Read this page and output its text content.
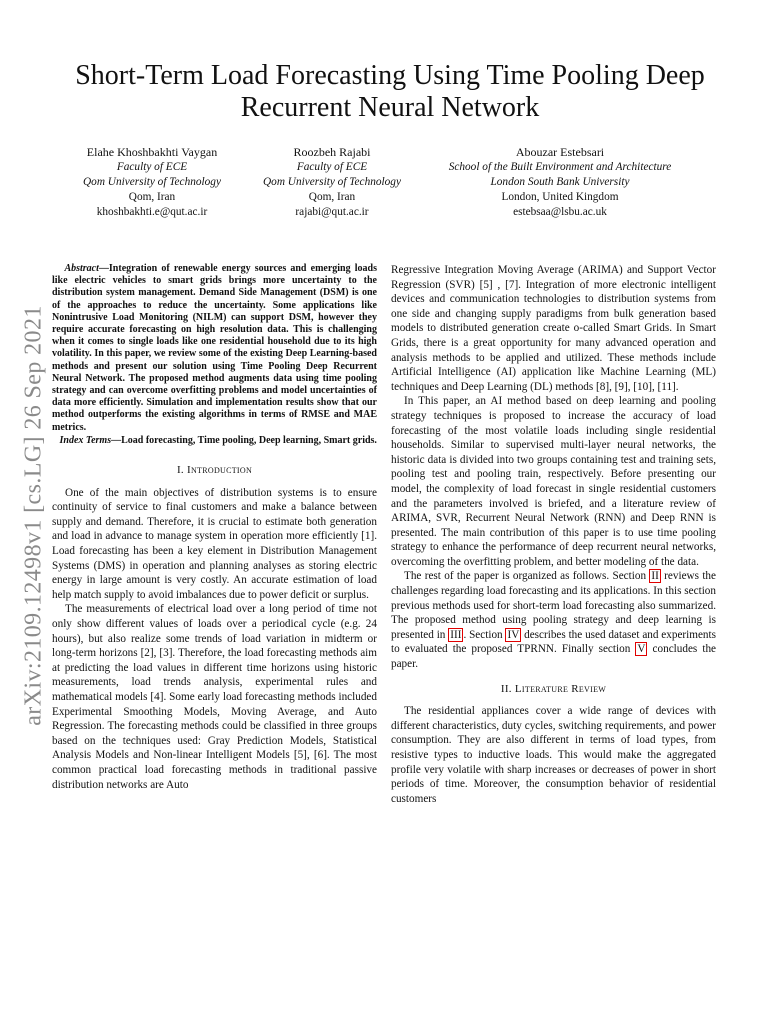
arXiv:2109.12498v1 [cs.LG] 26 Sep 2021
Short-Term Load Forecasting Using Time Pooling Deep Recurrent Neural Network
Elahe Khoshbakhti Vaygan
Faculty of ECE
Qom University of Technology
Qom, Iran
khoshbakhti.e@qut.ac.ir
Roozbeh Rajabi
Faculty of ECE
Qom University of Technology
Qom, Iran
rajabi@qut.ac.ir
Abouzar Estebsari
School of the Built Environment and Architecture
London South Bank University
London, United Kingdom
estebsaa@lsbu.ac.uk
Abstract—Integration of renewable energy sources and emerging loads like electric vehicles to smart grids brings more uncertainty to the distribution system management. Demand Side Management (DSM) is one of the approaches to reduce the uncertainty. Some applications like Nonintrusive Load Monitoring (NILM) can support DSM, however they require accurate forecasting on high resolution data. This is challenging when it comes to single loads like one residential household due to its high volatility. In this paper, we review some of the existing Deep Learning-based methods and present our solution using Time Pooling Deep Recurrent Neural Network. The proposed method augments data using time pooling strategy and can overcome overfitting problems and model uncertainties of data more efficiently. Simulation and implementation results show that our method outperforms the existing algorithms in terms of RMSE and MAE metrics.
Index Terms—Load forecasting, Time pooling, Deep learning, Smart grids.
I. Introduction

One of the main objectives of distribution systems is to ensure continuity of service to final customers and make a balance between supply and demand. Therefore, it is crucial to estimate both generation and load in advance to manage system in operation more efficiently [1]. Load forecasting has been a key element in Distribution Management Systems (DMS) in operation and planning analyses as storing electric energy in large amount is very costly. An accurate estimation of load help match supply to avoid imbalances due to power deficit or surplus.

The measurements of electrical load over a long period of time not only show different values of loads over a periodical cycle (e.g. 24 hours), but also realize some trends of load variation in midterm or long-term horizons [2], [3]. Therefore, the load forecasting methods aim at predicting the load values in different time horizons using historic measurements, load trends analysis, experimental rules and mathematical models [4]. Some early load forecasting methods included Experimental Smoothing Models, Moving Average, and Auto Regression. The forecasting methods could be classified in three groups based on the techniques used: Gray Prediction Models, Statistical Analysis Models and Non-linear Intelligent Models [5], [6]. The most common practical load forecasting methods in traditional passive distribution networks are Auto

Regressive Integration Moving Average (ARIMA) and Support Vector Regression (SVR) [5] , [7]. Integration of more electronic intelligent devices and communication technologies to distribution systems from one side and changing supply paradigms from bulk generation based models to distributed generation create o-called Smart Grids. In Smart Grids, there is a great opportunity for many advanced operation and analysis methods to be applied and utilized. These methods include Artificial Intelligence (AI) application like Machine Learning (ML) techniques and Deep Learning (DL) methods [8], [9], [10], [11].

In This paper, an AI method based on deep learning and pooling strategy techniques is proposed to increase the accuracy of load forecasting of the most volatile loads including single residential households. Similar to supervised multi-layer neural networks, the historic data is divided into two groups containing test and training sets, pooling test and pooling train, respectively. Before presenting our model, the complexity of load forecast in single residential customers and the parameters involved is briefed, and a literature review of ARIMA, SVR, Recurrent Neural Network (RNN) and Deep RNN is presented. The main contribution of this paper is to use time pooling strategy to enhance the performance of deep recurrent neural networks, overcoming the overfitting problem, and better modeling of the data.

The rest of the paper is organized as follows. Section II reviews the challenges regarding load forecasting and its applications. In this section previous methods used for short-term load forecasting also summarized. The proposed method using pooling strategy and deep learning is presented in III . Section IV describes the used dataset and experiments to evaluated the proposed TPRNN. Finally section V concludes the paper.

II. Literature Review

The residential appliances cover a wide range of devices with different characteristics, duty cycles, switching requirements, and power consumption. They are also different in terms of load types, from resistive types to inductive loads. This would make the aggregated profile very volatile with sharp increases or decreases of power in short periods of time. Moreover, the consumption behavior of residential customers
